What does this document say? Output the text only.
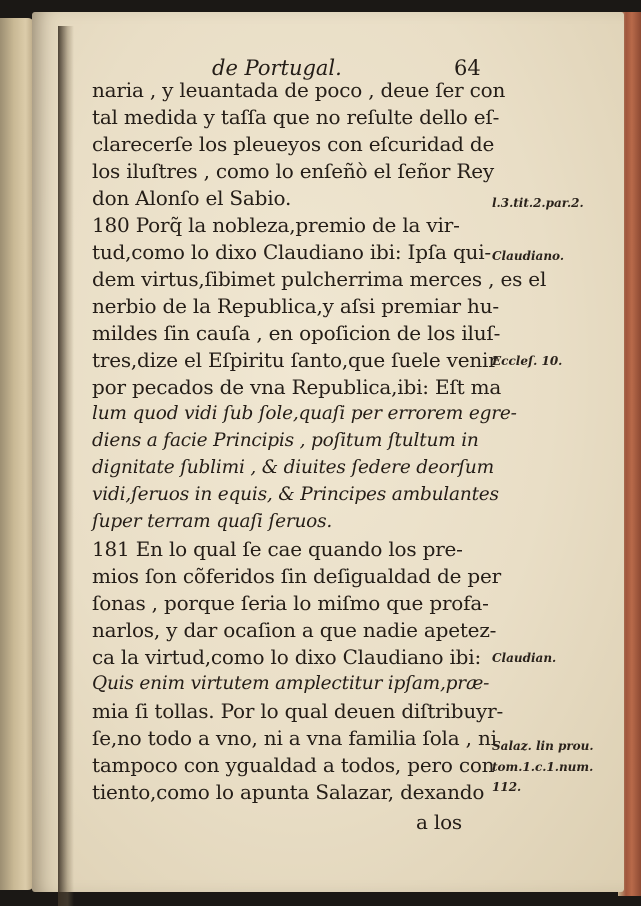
de Portugal.	64
naria , y leuantada de poco , deue ſer con
tal medida y taſſa que no reſulte dello eſ-
clarecerſe los pleueyos con eſcuridad de
los iluſtres , como lo enſeñò el ſeñor Rey
don Alonſo el Sabio.
180 Porq̃ la nobleza,premio de la vir-
tud,como lo dixo Claudiano ibi: Ipſa qui-
dem virtus,ſibimet pulcherrima merces , es el
nerbio de la Republica,y aſsi premiar hu-
mildes ſin cauſa , en opoſicion de los iluſ-
tres,dize el Eſpiritu ſanto,que ſuele venir
por pecados de vna Republica,ibi: Eſt ma
lum quod vidi ſub ſole,quaſi per errorem egre-
diens a facie Principis , poſitum ſtultum in
dignitate ſublimi , & diuites ſedere deorſum
vidi,ſeruos in equis, & Principes ambulantes
ſuper terram quaſi ſeruos.
181 En lo qual ſe cae quando los pre-
mios ſon cõferidos ſin deſigualdad de per
ſonas , porque ſeria lo miſmo que profa-
narlos, y dar ocaſion a que nadie apetez-
ca la virtud,como lo dixo Claudiano ibi:
Quis enim virtutem amplectitur ipſam,præ-
mia ſi tollas. Por lo qual deuen diſtribuyr-
ſe,no todo a vno, ni a vna familia ſola , ni
tampoco con ygualdad a todos, pero con
tiento,como lo apunta Salazar, dexando
a los
l.3.tit.2.par.2.
Claudiano.
Eccleſ. 10.
Claudian.
Salaz. lin prou.
tom.1.c.1.num.
112.
